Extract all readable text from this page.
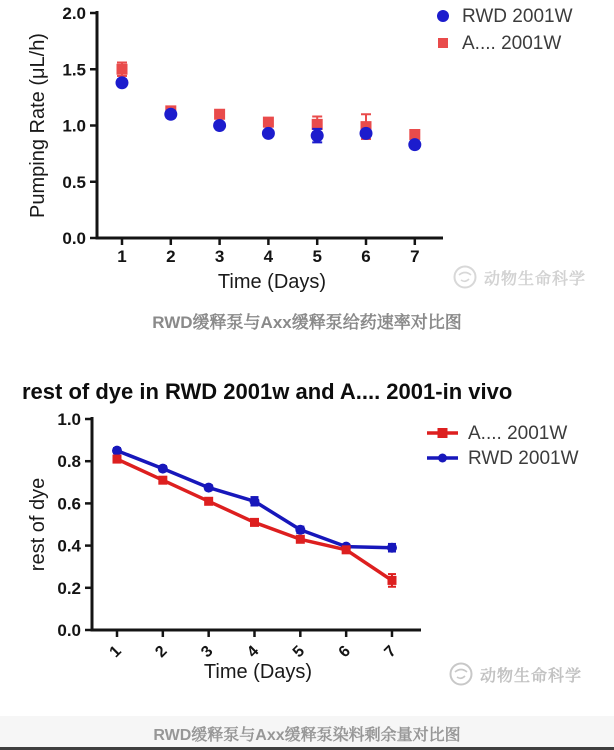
0.0
0.5
1.0
1.5
2.0
1 2 3 4 5 6 7
Time (Days)
Pumping Rate (μL/h)
RWD 2001W
A.... 2001W
RWD缓释泵与Axx缓释泵给药速率对比图
rest of dye in RWD 2001w and A.... 2001-in vivo
0.0
0.2
0.4
0.6
0.8
1.0
1 2 3 4 5 6 7
Time (Days)
rest of dye
A.... 2001W
RWD 2001W
RWD缓释泵与Axx缓释泵染料剩余量对比图
动物生命科学
动物生命科学
